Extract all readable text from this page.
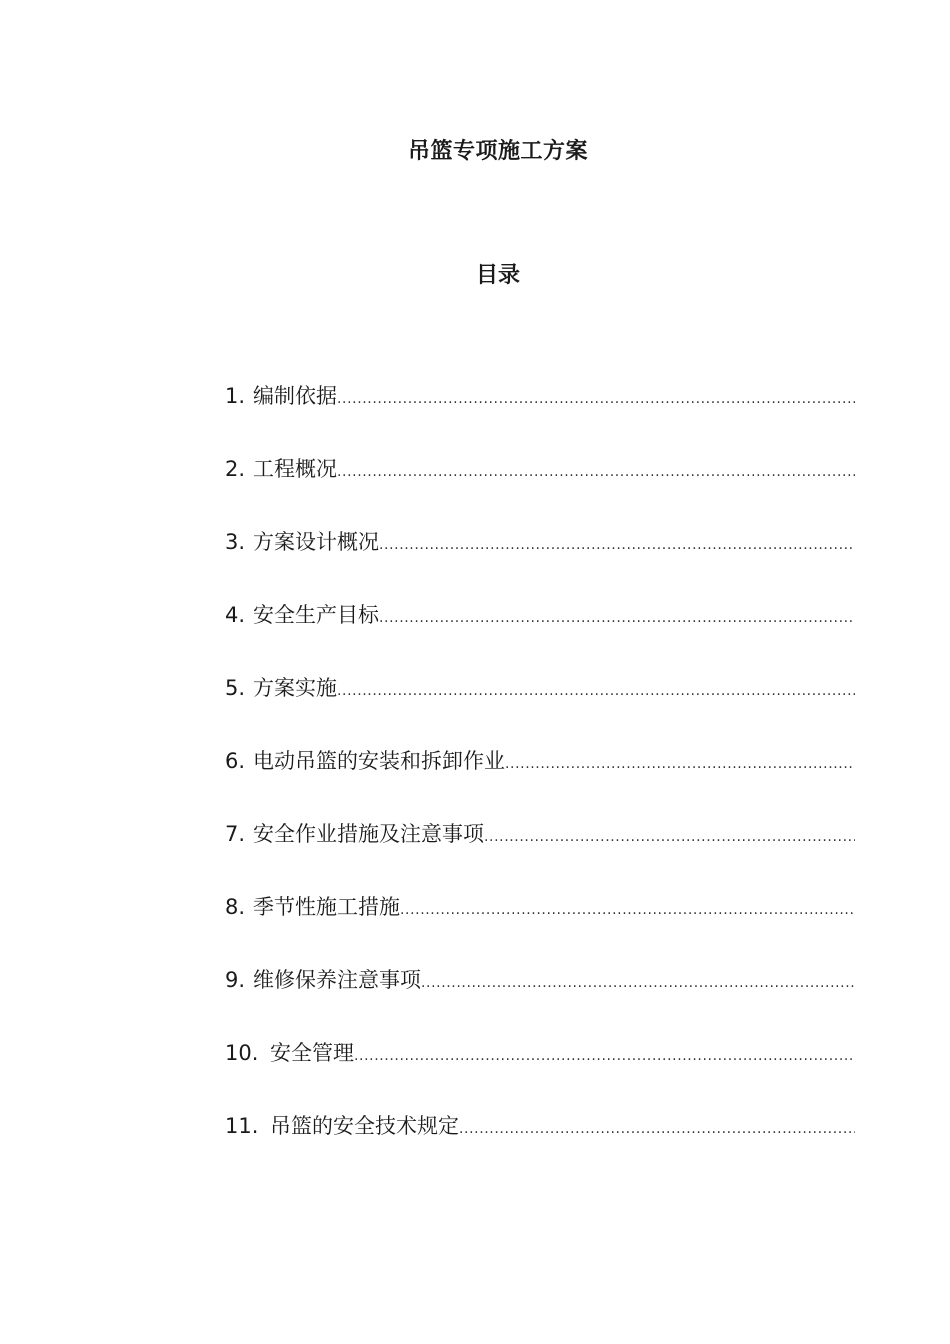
吊篮专项施工方案
目录
1. 编制依据
.....
2. 工程概况
.....
3. 方案设计概况
.....
4. 安全生产目标
.....
5. 方案实施
.....
6. 电动吊篮的安装和拆卸作业
.....
7. 安全作业措施及注意事项
.....
8. 季节性施工措施
.....
9. 维修保养注意事项
.....
10. 安全管理
.....
11. 吊篮的安全技术规定
.....
